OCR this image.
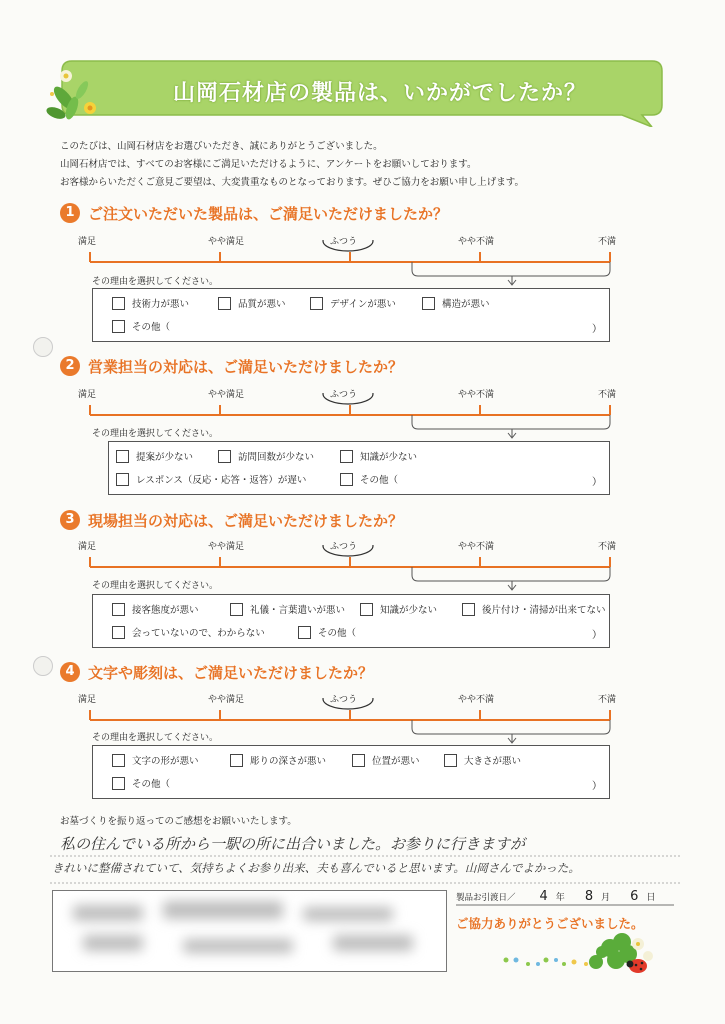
山岡石材店の製品は、いかがでしたか？
このたびは、山岡石材店をお選びいただき、誠にありがとうございました。
山岡石材店では、すべてのお客様にご満足いただけるように、アンケートをお願いしております。
お客様からいただくご意見ご要望は、大変貴重なものとなっております。ぜひご協力をお願い申し上げます。
1 ご注文いただいた製品は、ご満足いただけましたか？
満足	やや満足	ふつう	やや不満	不満
その理由を選択してください。
技術力が悪い	品質が悪い	デザインが悪い	構造が悪い
その他（	）
2 営業担当の対応は、ご満足いただけましたか？
満足	やや満足	ふつう	やや不満	不満
その理由を選択してください。
提案が少ない	訪問回数が少ない	知識が少ない
レスポンス（反応・応答・返答）が遅い	その他（	）
3 現場担当の対応は、ご満足いただけましたか？
満足	やや満足	ふつう	やや不満	不満
その理由を選択してください。
接客態度が悪い	礼儀・言葉遣いが悪い	知識が少ない	後片付け・清掃が出来てない
会っていないので、わからない	その他（	）
4 文字や彫刻は、ご満足いただけましたか？
満足	やや満足	ふつう	やや不満	不満
その理由を選択してください。
文字の形が悪い	彫りの深さが悪い	位置が悪い	大きさが悪い
その他（	）
お墓づくりを振り返ってのご感想をお願いいたします。
私の住んでいる所から一駅の所に出合いました。お参りに行きますが
きれいに整備されていて、気持ちよくお参り出来、夫も喜んでいると思います。山岡さんでよかった。
製品お引渡日／ 4 年 8 月 6 日
ご協力ありがとうございました。
